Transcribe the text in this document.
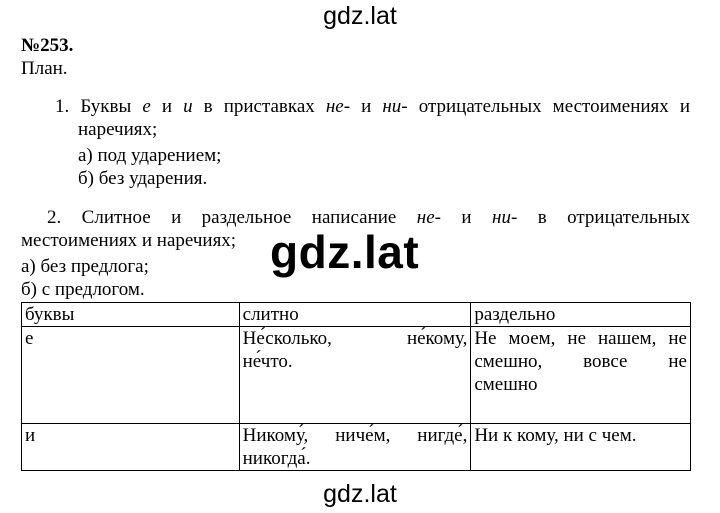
gdz.lat
№253.
План.
1. Буквы е и и в приставках не- и ни- отрицательных местоимениях и
наречиях;
а) под ударением;
б) без ударения.
2. Слитное и раздельное написание не- и ни- в отрицательных
местоимениях и наречиях;
а) без предлога;
б) с предлогом.
gdz.lat
буквы	слитно	раздельно
е	Не́сколько,            не́кому, не́что.	Не моем, не нашем, не смешно,       вовсе       не смешно
и	Никому́, ниче́м, нигде́, никогда́.	Ни к кому, ни с чем.
gdz.lat
